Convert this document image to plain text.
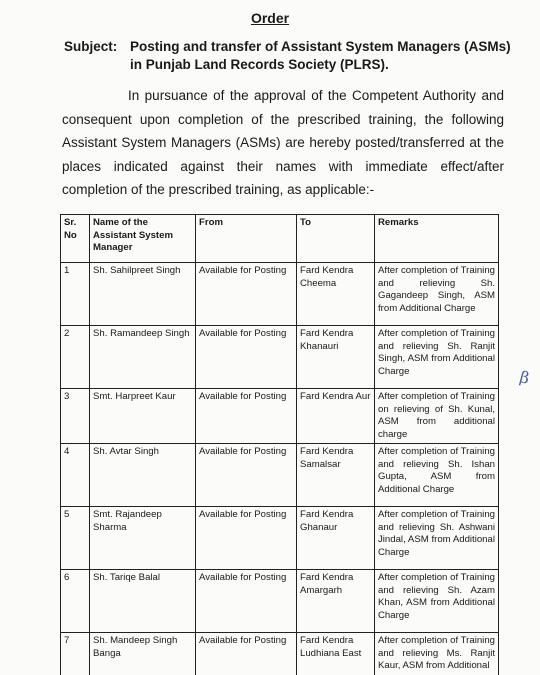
Order
Subject: Posting and transfer of Assistant System Managers (ASMs) in Punjab Land Records Society (PLRS).
In pursuance of the approval of the Competent Authority and consequent upon completion of the prescribed training, the following Assistant System Managers (ASMs) are hereby posted/transferred at the places indicated against their names with immediate effect/after completion of the prescribed training, as applicable:-
Sr. No	Name of the Assistant System Manager	From	To	Remarks
1	Sh. Sahilpreet Singh	Available for Posting	Fard Kendra Cheema	After completion of Training and relieving Sh. Gagandeep Singh, ASM from Additional Charge
2	Sh. Ramandeep Singh	Available for Posting	Fard Kendra Khanauri	After completion of Training and relieving Sh. Ranjit Singh, ASM from Additional Charge
3	Smt. Harpreet Kaur	Available for Posting	Fard Kendra Aur	After completion of Training on relieving of Sh. Kunal, ASM from additional charge
4	Sh. Avtar Singh	Available for Posting	Fard Kendra Samalsar	After completion of Training and relieving Sh. Ishan Gupta, ASM from Additional Charge
5	Smt. Rajandeep Sharma	Available for Posting	Fard Kendra Ghanaur	After completion of Training and relieving Sh. Ashwani Jindal, ASM from Additional Charge
6	Sh. Tariqe Balal	Available for Posting	Fard Kendra Amargarh	After completion of Training and relieving Sh. Azam Khan, ASM from Additional Charge
7	Sh. Mandeep Singh Banga	Available for Posting	Fard Kendra Ludhiana East	After completion of Training and relieving Ms. Ranjit Kaur, ASM from Additional
β
